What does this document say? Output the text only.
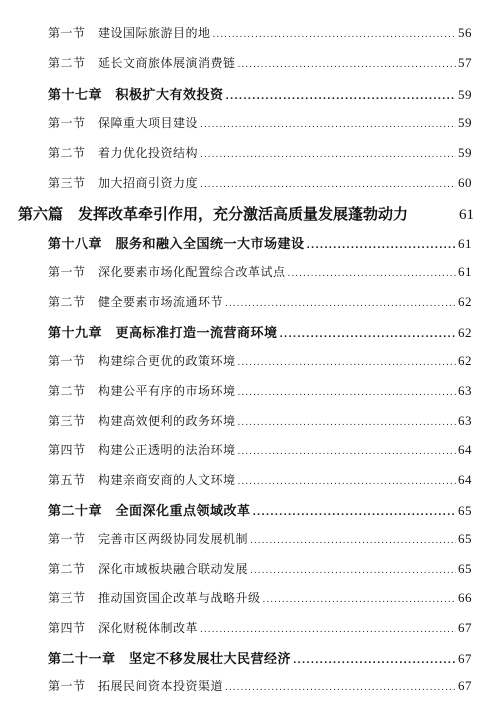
第一节　建设国际旅游目的地 .....	56
第二节　延长文商旅体展演消费链 .....	57
第十七章　积极扩大有效投资 .....	59
第一节　保障重大项目建设 .....	59
第二节　着力优化投资结构 .....	59
第三节　加大招商引资力度 .....	60
第六篇　发挥改革牵引作用，充分激活高质量发展蓬勃动力	61
第十八章　服务和融入全国统一大市场建设 .....	61
第一节　深化要素市场化配置综合改革试点 .....	61
第二节　健全要素市场流通环节 .....	62
第十九章　更高标准打造一流营商环境 .....	62
第一节　构建综合更优的政策环境 .....	62
第二节　构建公平有序的市场环境 .....	63
第三节　构建高效便利的政务环境 .....	63
第四节　构建公正透明的法治环境 .....	64
第五节　构建亲商安商的人文环境 .....	64
第二十章　全面深化重点领域改革 .....	65
第一节　完善市区两级协同发展机制 .....	65
第二节　深化市域板块融合联动发展 .....	65
第三节　推动国资国企改革与战略升级 .....	66
第四节　深化财税体制改革 .....	67
第二十一章　坚定不移发展壮大民营经济 .....	67
第一节　拓展民间资本投资渠道 .....	67
